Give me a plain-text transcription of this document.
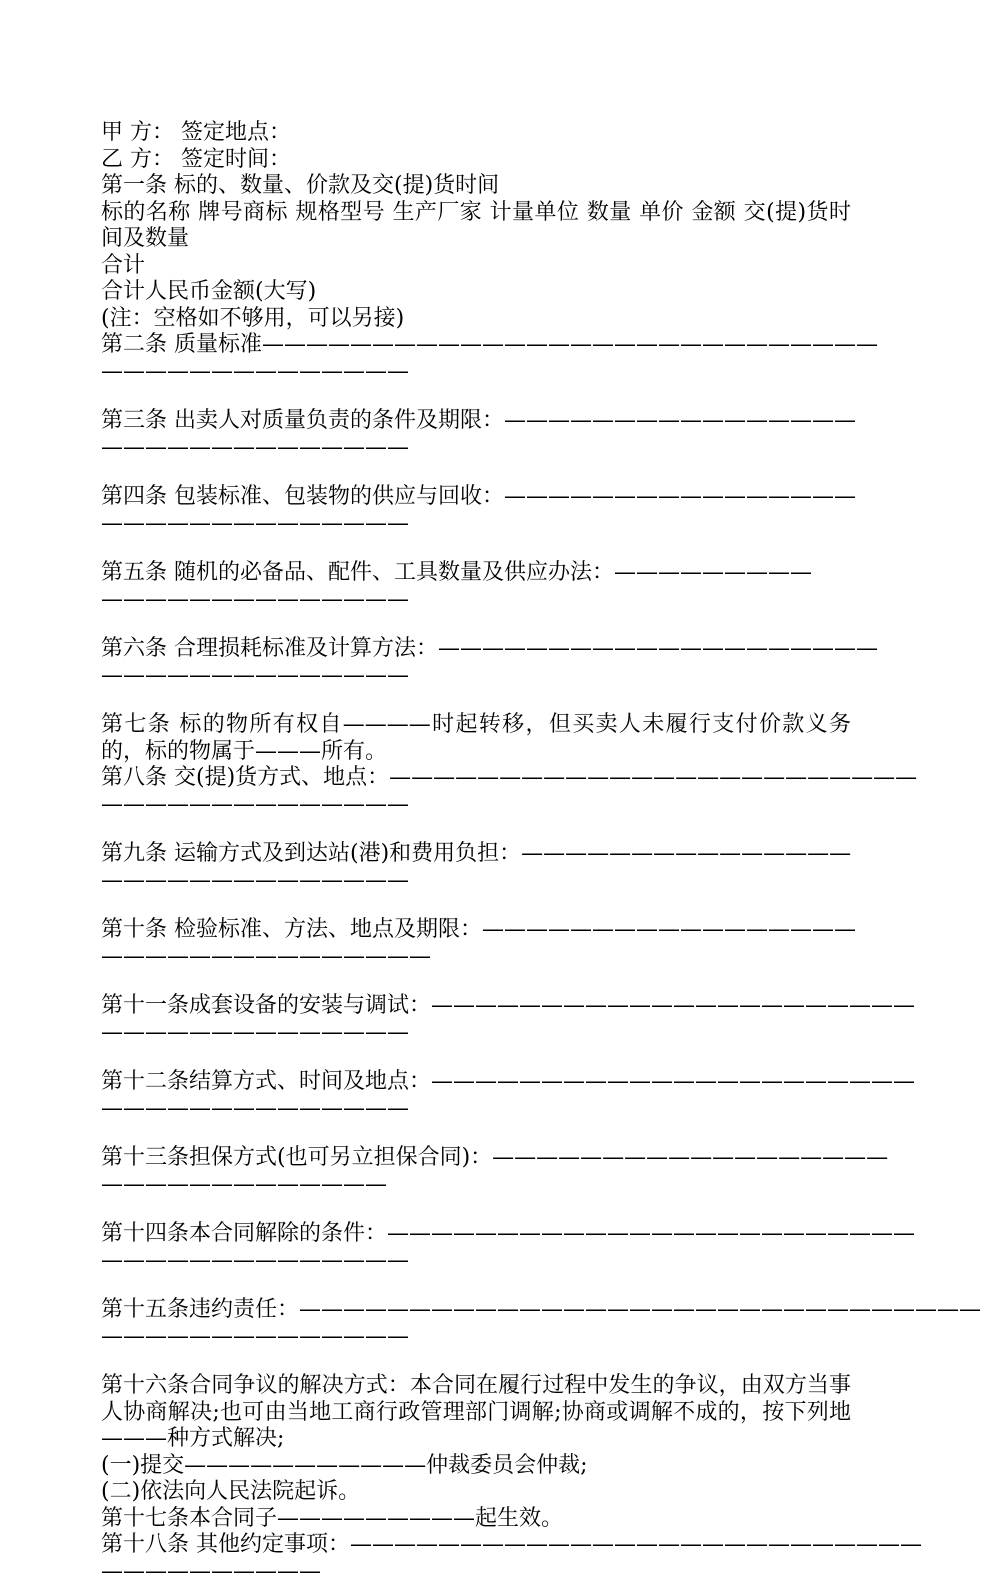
甲 方： 签定地点：
乙 方： 签定时间：
第一条 标的、数量、价款及交(提)货时间
标的名称 牌号商标 规格型号 生产厂家 计量单位 数量 单价 金额 交(提)货时间及数量
合计
合计人民币金额(大写)
(注：空格如不够用，可以另接)
第二条 质量标准————————————————————————————
——————————————
第三条 出卖人对质量负责的条件及期限：————————————————
——————————————
第四条 包装标准、包装物的供应与回收：————————————————
——————————————
第五条 随机的必备品、配件、工具数量及供应办法：—————————
——————————————
第六条 合理损耗标准及计算方法：————————————————————
——————————————
第七条 标的物所有权自————时起转移，但买卖人未履行支付价款义务的，标的物属于———所有。
第八条 交(提)货方式、地点：————————————————————————
——————————————
第九条 运输方式及到达站(港)和费用负担：———————————————
——————————————
第十条 检验标准、方法、地点及期限：—————————————————
———————————————
第十一条成套设备的安装与调试：——————————————————————
——————————————
第十二条结算方式、时间及地点：——————————————————————
——————————————
第十三条担保方式(也可另立担保合同)：——————————————————
—————————————
第十四条本合同解除的条件：————————————————————————
——————————————
第十五条违约责任：———————————————————————————————
——————————————
第十六条合同争议的解决方式：本合同在履行过程中发生的争议，由双方当事人协商解决;也可由当地工商行政管理部门调解;协商或调解不成的，按下列地———种方式解决;
(一)提交———————————仲裁委员会仲裁;
(二)依法向人民法院起诉。
第十七条本合同子—————————起生效。
第十八条 其他约定事项：——————————————————————————
——————————
